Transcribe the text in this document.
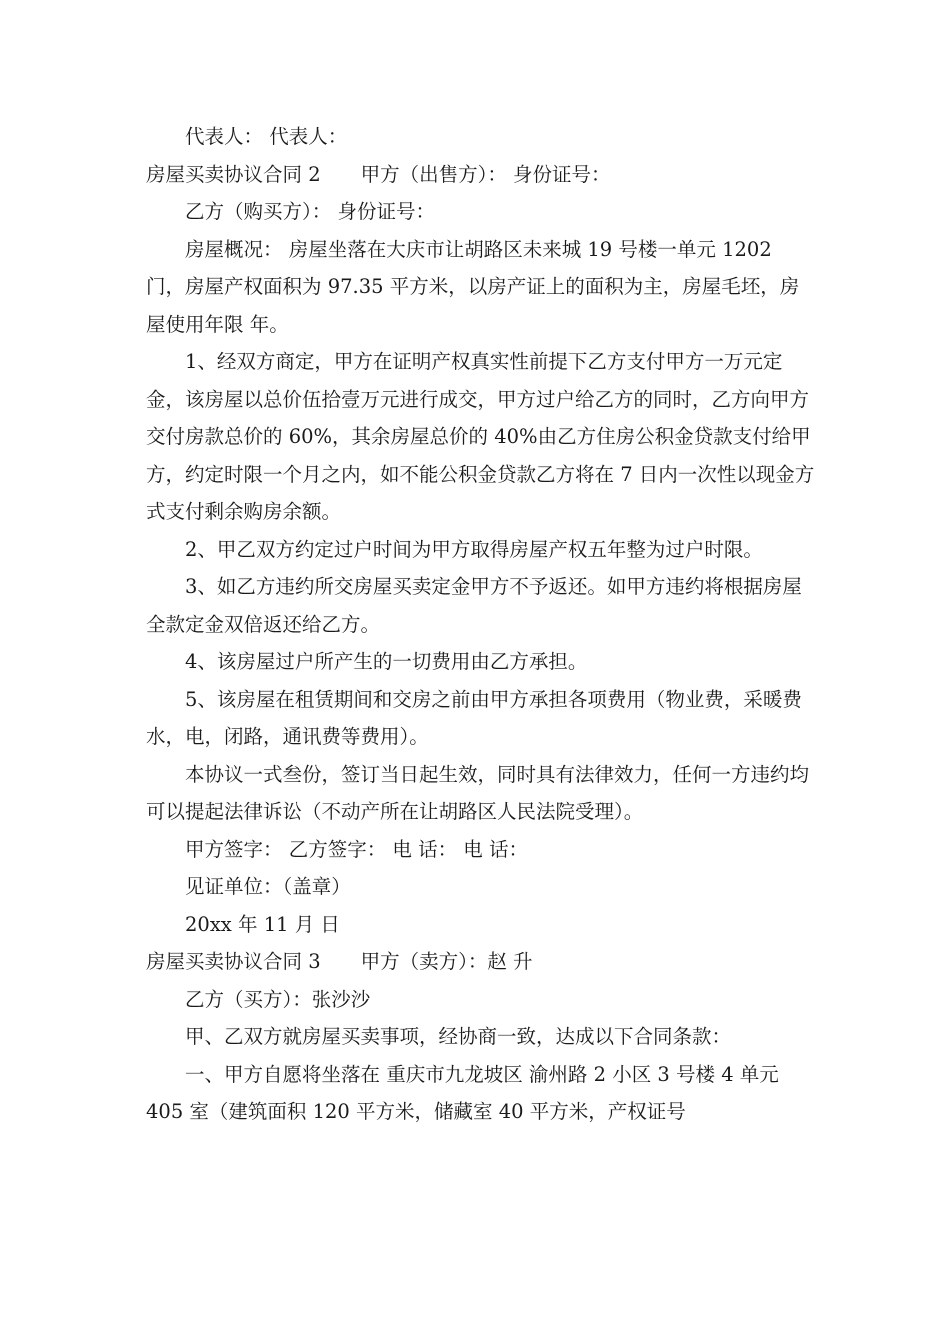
代表人： 代表人：

房屋买卖协议合同 2 甲方（出售方）： 身份证号：

乙方（购买方）： 身份证号：

房屋概况： 房屋坐落在大庆市让胡路区未来城 19 号楼一单元 1202 门，房屋产权面积为 97.35 平方米，以房产证上的面积为主，房屋毛坯，房屋使用年限 年。

1、经双方商定，甲方在证明产权真实性前提下乙方支付甲方一万元定金，该房屋以总价伍拾壹万元进行成交，甲方过户给乙方的同时，乙方向甲方交付房款总价的 60%，其余房屋总价的 40%由乙方住房公积金贷款支付给甲方，约定时限一个月之内，如不能公积金贷款乙方将在 7 日内一次性以现金方式支付剩余购房余额。

2、甲乙双方约定过户时间为甲方取得房屋产权五年整为过户时限。

3、如乙方违约所交房屋买卖定金甲方不予返还。如甲方违约将根据房屋全款定金双倍返还给乙方。

4、该房屋过户所产生的一切费用由乙方承担。

5、该房屋在租赁期间和交房之前由甲方承担各项费用（物业费，采暖费水，电，闭路，通讯费等费用）。

本协议一式叁份，签订当日起生效，同时具有法律效力，任何一方违约均可以提起法律诉讼（不动产所在让胡路区人民法院受理）。

甲方签字： 乙方签字： 电 话： 电 话：

见证单位：（盖章）

20xx 年 11 月 日

房屋买卖协议合同 3 甲方（卖方）：赵 升

乙方（买方）：张沙沙

甲、乙双方就房屋买卖事项，经协商一致，达成以下合同条款：

一、甲方自愿将坐落在 重庆市九龙坡区 渝州路 2 小区 3 号楼 4 单元 405 室（建筑面积 120 平方米，储藏室 40 平方米，产权证号
